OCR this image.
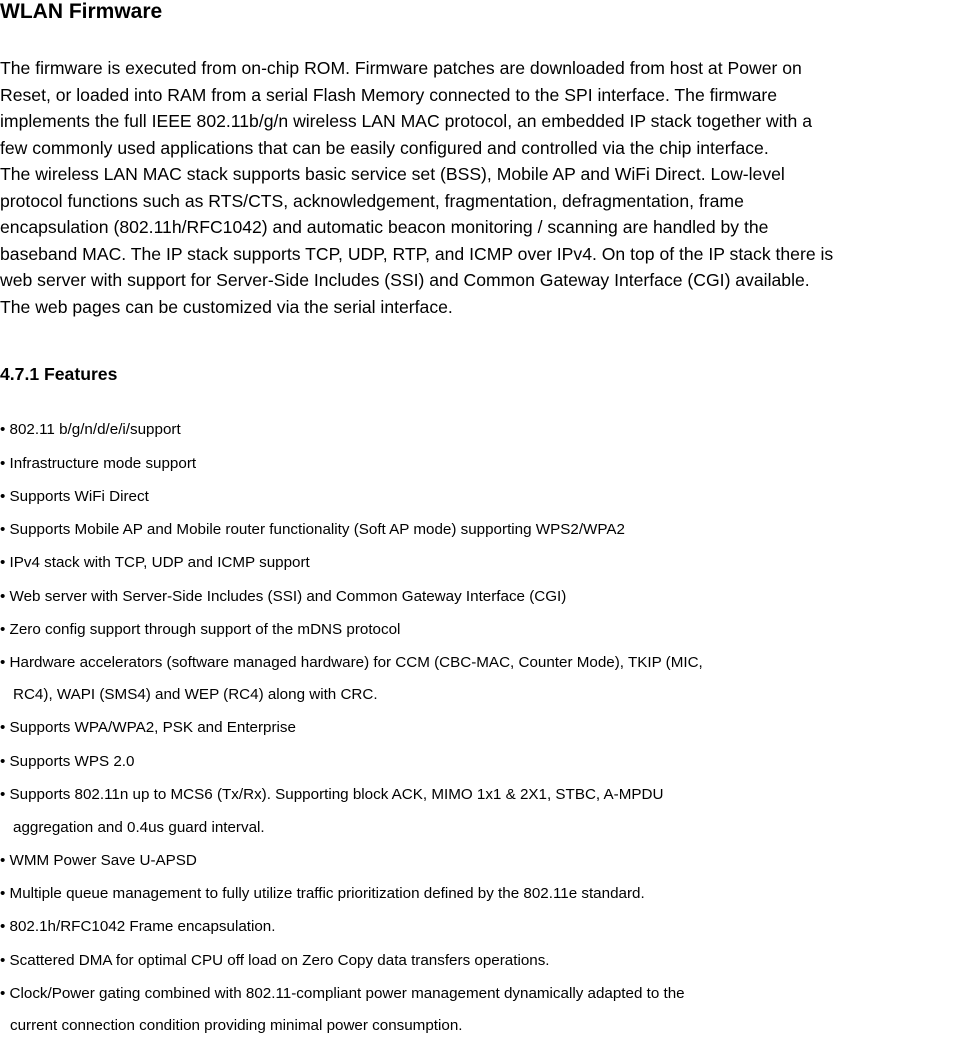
WLAN Firmware
The firmware is executed from on-chip ROM. Firmware patches are downloaded from host at Power on
Reset, or loaded into RAM from a serial Flash Memory connected to the SPI interface. The firmware
implements the full IEEE 802.11b/g/n wireless LAN MAC protocol, an embedded IP stack together with a
few commonly used applications that can be easily configured and controlled via the chip interface.
The wireless LAN MAC stack supports basic service set (BSS), Mobile AP and WiFi Direct. Low-level
protocol functions such as RTS/CTS, acknowledgement, fragmentation, defragmentation, frame
encapsulation (802.11h/RFC1042) and automatic beacon monitoring / scanning are handled by the
baseband MAC. The IP stack supports TCP, UDP, RTP, and ICMP over IPv4. On top of the IP stack there is
web server with support for Server-Side Includes (SSI) and Common Gateway Interface (CGI) available.
The web pages can be customized via the serial interface.
4.7.1 Features
• 802.11 b/g/n/d/e/i/support
• Infrastructure mode support
• Supports WiFi Direct
• Supports Mobile AP and Mobile router functionality (Soft AP mode) supporting WPS2/WPA2
• IPv4 stack with TCP, UDP and ICMP support
• Web server with Server-Side Includes (SSI) and Common Gateway Interface (CGI)
• Zero config support through support of the mDNS protocol
• Hardware accelerators (software managed hardware) for CCM (CBC-MAC, Counter Mode), TKIP (MIC,
RC4), WAPI (SMS4) and WEP (RC4) along with CRC.
• Supports WPA/WPA2, PSK and Enterprise
• Supports WPS 2.0
• Supports 802.11n up to MCS6 (Tx/Rx). Supporting block ACK, MIMO 1x1 & 2X1, STBC, A-MPDU
aggregation and 0.4us guard interval.
• WMM Power Save U-APSD
• Multiple queue management to fully utilize traffic prioritization defined by the 802.11e standard.
• 802.1h/RFC1042 Frame encapsulation.
• Scattered DMA for optimal CPU off load on Zero Copy data transfers operations.
• Clock/Power gating combined with 802.11-compliant power management dynamically adapted to the
current connection condition providing minimal power consumption.
